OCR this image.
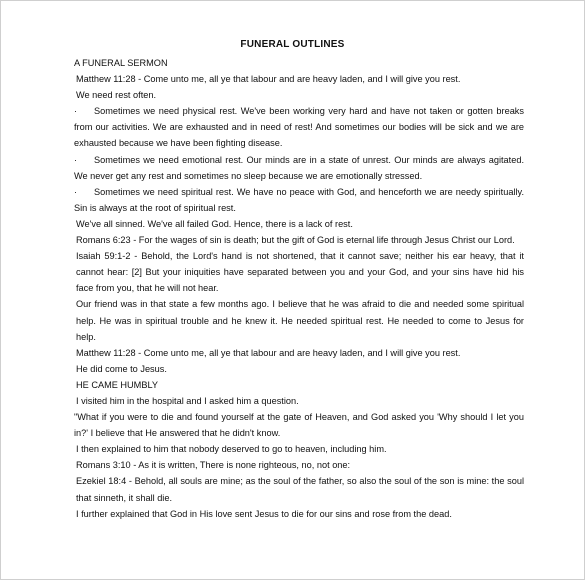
FUNERAL OUTLINES

A FUNERAL SERMON

Matthew 11:28 - Come unto me, all ye that labour and are heavy laden, and I will give you rest.

We need rest often.

· Sometimes we need physical rest. We've been working very hard and have not taken or gotten breaks from our activities. We are exhausted and in need of rest! And sometimes our bodies will be sick and we are exhausted because we have been fighting disease.

· Sometimes we need emotional rest. Our minds are in a state of unrest. Our minds are always agitated. We never get any rest and sometimes no sleep because we are emotionally stressed.

· Sometimes we need spiritual rest. We have no peace with God, and henceforth we are needy spiritually. Sin is always at the root of spiritual rest.

We've all sinned. We've all failed God. Hence, there is a lack of rest.

Romans 6:23 - For the wages of sin is death; but the gift of God is eternal life through Jesus Christ our Lord.

Isaiah 59:1-2 - Behold, the Lord's hand is not shortened, that it cannot save; neither his ear heavy, that it cannot hear: [2] But your iniquities have separated between you and your God, and your sins have hid his face from you, that he will not hear.

Our friend was in that state a few months ago. I believe that he was afraid to die and needed some spiritual help. He was in spiritual trouble and he knew it. He needed spiritual rest. He needed to come to Jesus for help.

Matthew 11:28 - Come unto me, all ye that labour and are heavy laden, and I will give you rest.

He did come to Jesus.

HE CAME HUMBLY

I visited him in the hospital and I asked him a question.

"What if you were to die and found yourself at the gate of Heaven, and God asked you 'Why should I let you in?' I believe that He answered that he didn't know.

I then explained to him that nobody deserved to go to heaven, including him.

Romans 3:10 - As it is written, There is none righteous, no, not one:

Ezekiel 18:4 - Behold, all souls are mine; as the soul of the father, so also the soul of the son is mine: the soul that sinneth, it shall die.

I further explained that God in His love sent Jesus to die for our sins and rose from the dead.
